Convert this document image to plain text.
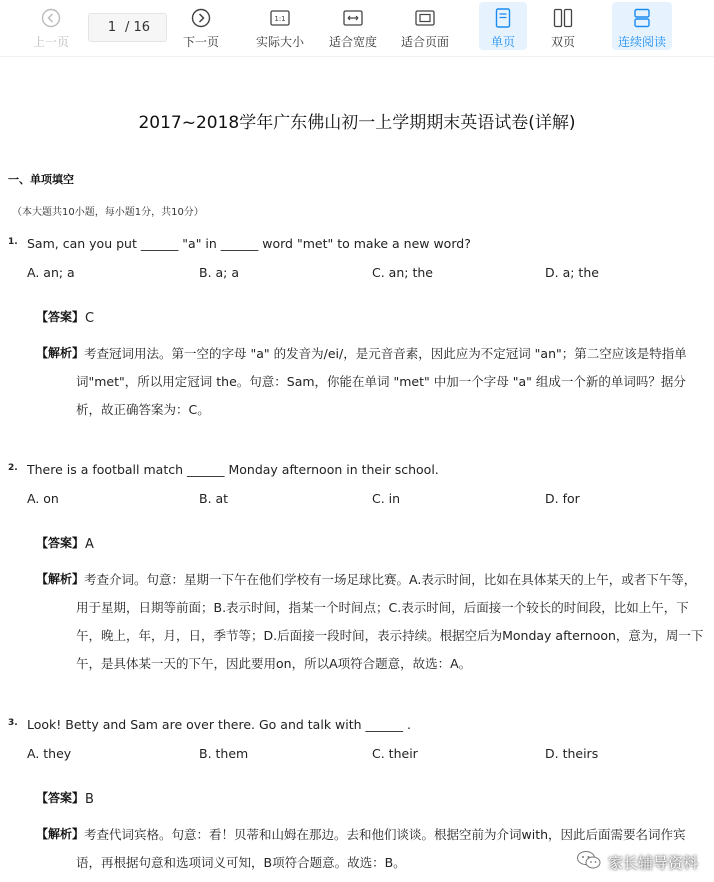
上一页
1
/ 16
下一页
1:1
实际大小 适合宽度 适合页面	单页	双页	连续阅读
2017~2018学年广东佛山初一上学期期末英语试卷(详解)
一、单项填空
（本大题共10小题，每小题1分，共10分）
1. Sam, can you put ______ "a" in ______ word "met" to make a new word?
A. an; a	B. a; a	C. an; the	D. a; the
【答案】 C
【解析】 考查冠词用法。第一空的字母 "a" 的发音为/ei/，是元音音素，因此应为不定冠词 "an"；第二空应该是特指单词"met"，所以用定冠词 the。句意：Sam，你能在单词 "met" 中加一个字母 "a" 组成一个新的单词吗？据分析，故正确答案为：C。
2. There is a football match ______ Monday afternoon in their school.
A. on	B. at	C. in	D. for
【答案】 A
【解析】 考查介词。句意：星期一下午在他们学校有一场足球比赛。A.表示时间，比如在具体某天的上午，或者下午等，用于星期，日期等前面；B.表示时间，指某一个时间点；C.表示时间，后面接一个较长的时间段，比如上午，下午，晚上，年，月，日，季节等；D.后面接一段时间，表示持续。根据空后为Monday afternoon，意为，周一下午，是具体某一天的下午，因此要用on，所以A项符合题意，故选：A。
3. Look! Betty and Sam are over there. Go and talk with ______ .
A. they	B. them	C. their	D. theirs
【答案】 B
【解析】 考查代词宾格。句意：看！贝蒂和山姆在那边。去和他们谈谈。根据空前为介词with，因此后面需要名词作宾语，再根据句意和选项词义可知，B项符合题意。故选：B。	家长辅导资料
